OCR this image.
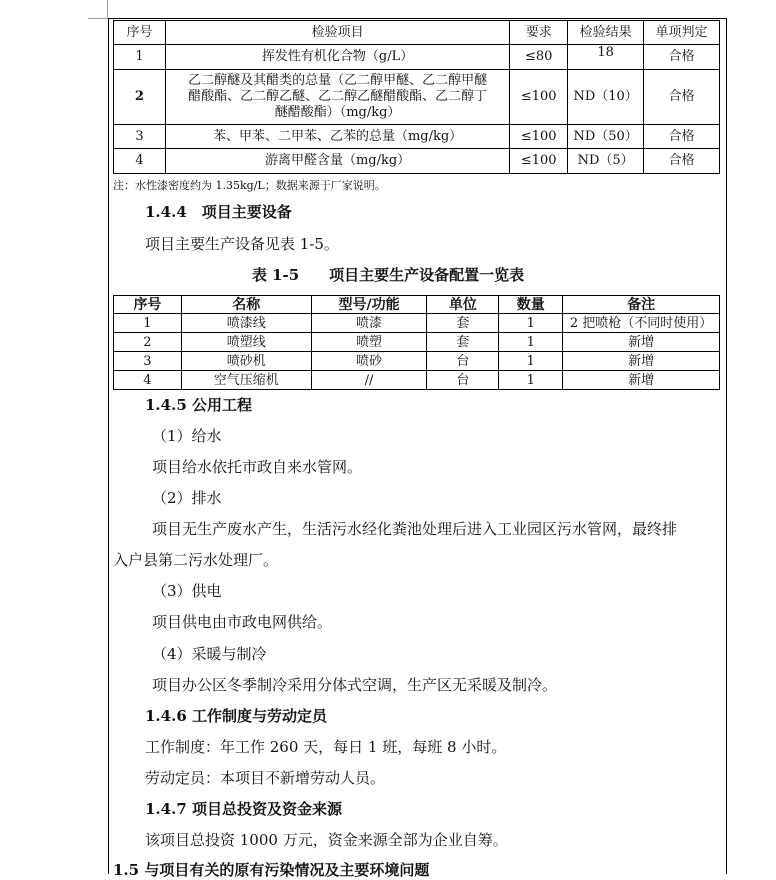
序号	检验项目	要求	检验结果	单项判定
1	挥发性有机化合物（g/L）	≤80	18	合格
2	乙二醇醚及其醋类的总量（乙二醇甲醚、乙二醇甲醚
醋酸酯、乙二醇乙醚、乙二醇乙醚醋酸酯、乙二醇丁
醚醋酸酯）（mg/kg）	≤100	ND（10）	合格
3	苯、甲苯、二甲苯、乙苯的总量（mg/kg）	≤100	ND（50）	合格
4	游离甲醛含量（mg/kg）	≤100	ND（5）	合格
注：水性漆密度约为 1.35kg/L；数据来源于厂家说明。
1.4.4　项目主要设备
项目主要生产设备见表 1-5。
表 1-5　　项目主要生产设备配置一览表
序号	名称	型号/功能	单位	数量	备注
1	喷漆线	喷漆	套	1	2 把喷枪（不同时使用）
2	喷塑线	喷塑	套	1	新增
3	喷砂机	喷砂	台	1	新增
4	空气压缩机	//	台	1	新增
1.4.5 公用工程
（1）给水
项目给水依托市政自来水管网。
（2）排水
项目无生产废水产生，生活污水经化粪池处理后进入工业园区污水管网，最终排
入户县第二污水处理厂。
（3）供电
项目供电由市政电网供给。
（4）采暖与制冷
项目办公区冬季制冷采用分体式空调，生产区无采暖及制冷。
1.4.6 工作制度与劳动定员
工作制度：年工作 260 天，每日 1 班，每班 8 小时。
劳动定员：本项目不新增劳动人员。
1.4.7 项目总投资及资金来源
该项目总投资 1000 万元，资金来源全部为企业自筹。
1.5 与项目有关的原有污染情况及主要环境问题
